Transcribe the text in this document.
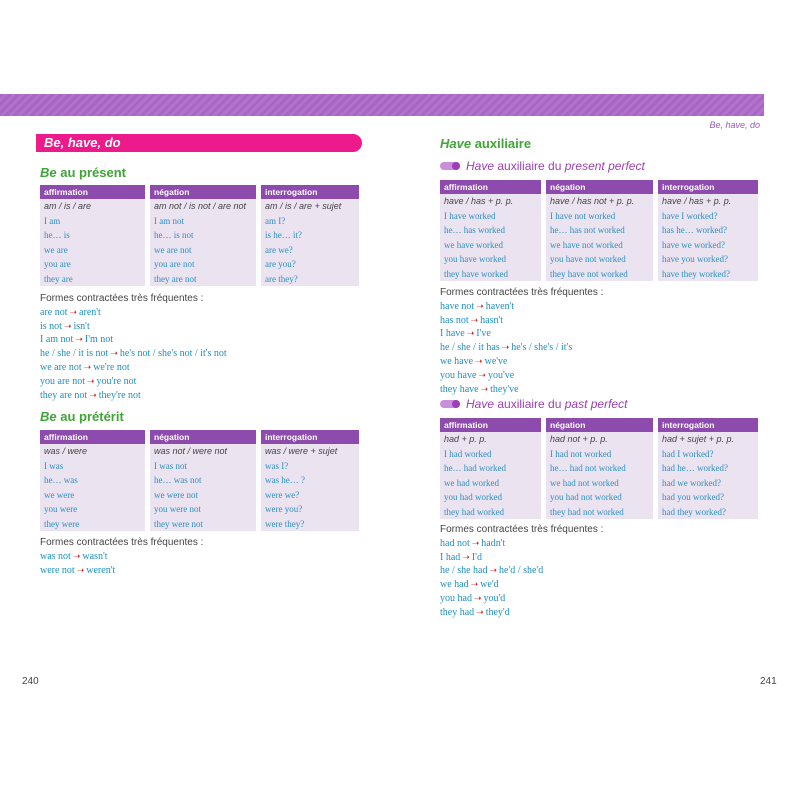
Be, have, do
Be, have, do
Be au présent
affirmation	négation	interrogation
am / is / are	am not / is not / are not	am / is / are + sujet
I am	I am not	am I?
he… is	he… is not	is he… it?
we are	we are not	are we?
you are	you are not	are you?
they are	they are not	are they?
Formes contractées très fréquentes :
are not ➝ aren't
is not ➝ isn't
I am not ➝ I'm not
he / she / it is not ➝ he's not / she's not / it's not
we are not ➝ we're not
you are not ➝ you're not
they are not ➝ they're not
Be au prétérit
affirmation	négation	interrogation
was / were	was not / were not	was / were + sujet
I was	I was not	was I?
he… was	he… was not	was he… ?
we were	we were not	were we?
you were	you were not	were you?
they were	they were not	were they?
Formes contractées très fréquentes :
was not ➝ wasn't
were not ➝ weren't
240
Have auxiliaire
Have auxiliaire du present perfect
affirmation	négation	interrogation
have / has + p. p.	have / has not + p. p.	have / has + p. p.
I have worked	I have not worked	have I worked?
he… has worked	he… has not worked	has he… worked?
we have worked	we have not worked	have we worked?
you have worked	you have not worked	have you worked?
they have worked	they have not worked	have they worked?
Formes contractées très fréquentes :
have not ➝ haven't
has not ➝ hasn't
I have ➝ I've
he / she / it has ➝ he's / she's / it's
we have ➝ we've
you have ➝ you've
they have ➝ they've
Have auxiliaire du past perfect
affirmation	négation	interrogation
had + p. p.	had not + p. p.	had + sujet + p. p.
I had worked	I had not worked	had I worked?
he… had worked	he… had not worked	had he… worked?
we had worked	we had not worked	had we worked?
you had worked	you had not worked	had you worked?
they had worked	they had not worked	had they worked?
Formes contractées très fréquentes :
had not ➝ hadn't
I had ➝ I'd
he / she had ➝ he'd / she'd
we had ➝ we'd
you had ➝ you'd
they had ➝ they'd
241
